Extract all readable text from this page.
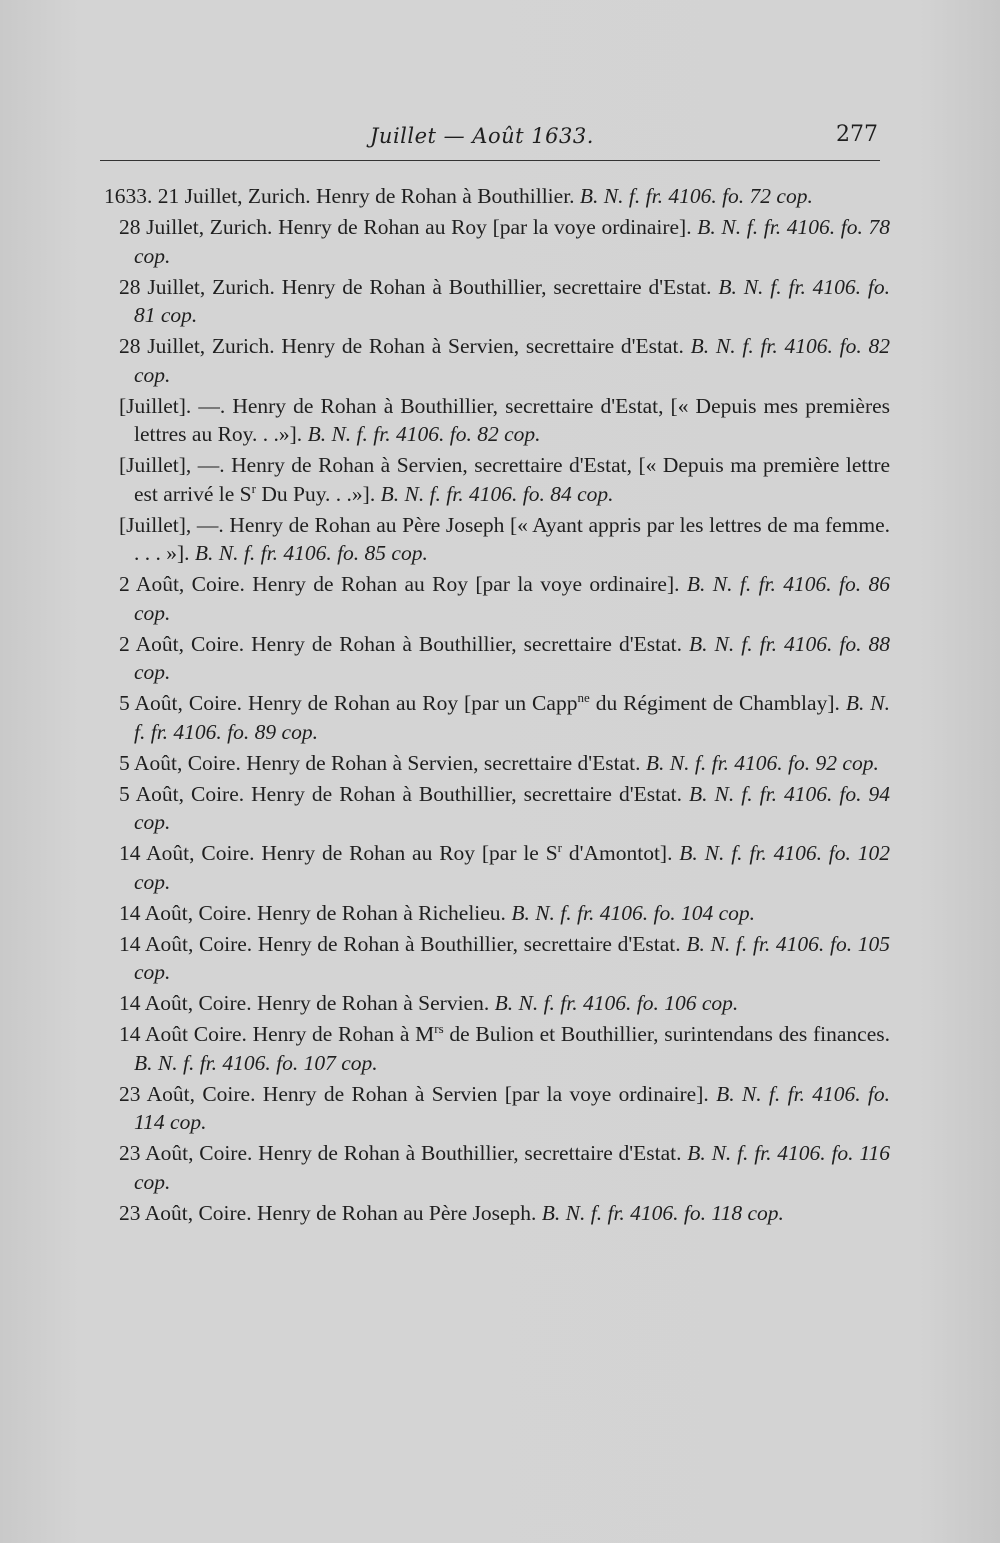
Juillet — Août 1633.	277
1633. 21 Juillet, Zurich. Henry de Rohan à Bouthillier. B. N. f. fr. 4106. fo. 72 cop.
28 Juillet, Zurich. Henry de Rohan au Roy [par la voye ordinaire]. B. N. f. fr. 4106. fo. 78 cop.
28 Juillet, Zurich. Henry de Rohan à Bouthillier, secrettaire d'Estat. B. N. f. fr. 4106. fo. 81 cop.
28 Juillet, Zurich. Henry de Rohan à Servien, secrettaire d'Estat. B. N. f. fr. 4106. fo. 82 cop.
[Juillet]. —. Henry de Rohan à Bouthillier, secrettaire d'Estat, [« Depuis mes premières lettres au Roy. . .»]. B. N. f. fr. 4106. fo. 82 cop.
[Juillet], —. Henry de Rohan à Servien, secrettaire d'Estat, [« Depuis ma première lettre est arrivé le $S^r$ Du Puy. . .»]. B. N. f. fr. 4106. fo. 84 cop.
[Juillet], —. Henry de Rohan au Père Joseph [« Ayant appris par les lettres de ma femme. . . . »]. B. N. f. fr. 4106. fo. 85 cop.
2 Août, Coire. Henry de Rohan au Roy [par la voye ordinaire]. B. N. f. fr. 4106. fo. 86 cop.
2 Août, Coire. Henry de Rohan à Bouthillier, secrettaire d'Estat. B. N. f. fr. 4106. fo. 88 cop.
5 Août, Coire. Henry de Rohan au Roy [par un Capp$^{ne}$ du Régiment de Chamblay]. B. N. f. fr. 4106. fo. 89 cop.
5 Août, Coire. Henry de Rohan à Servien, secrettaire d'Estat. B. N. f. fr. 4106. fo. 92 cop.
5 Août, Coire. Henry de Rohan à Bouthillier, secrettaire d'Estat. B. N. f. fr. 4106. fo. 94 cop.
14 Août, Coire. Henry de Rohan au Roy [par le $S^r$ d'Amontot]. B. N. f. fr. 4106. fo. 102 cop.
14 Août, Coire. Henry de Rohan à Richelieu. B. N. f. fr. 4106. fo. 104 cop.
14 Août, Coire. Henry de Rohan à Bouthillier, secrettaire d'Estat. B. N. f. fr. 4106. fo. 105 cop.
14 Août, Coire. Henry de Rohan à Servien. B. N. f. fr. 4106. fo. 106 cop.
14 Août Coire. Henry de Rohan à $M^{rs}$ de Bulion et Bouthillier, surintendans des finances. B. N. f. fr. 4106. fo. 107 cop.
23 Août, Coire. Henry de Rohan à Servien [par la voye ordinaire]. B. N. f. fr. 4106. fo. 114 cop.
23 Août, Coire. Henry de Rohan à Bouthillier, secrettaire d'Estat. B. N. f. fr. 4106. fo. 116 cop.
23 Août, Coire. Henry de Rohan au Père Joseph. B. N. f. fr. 4106. fo. 118 cop.
